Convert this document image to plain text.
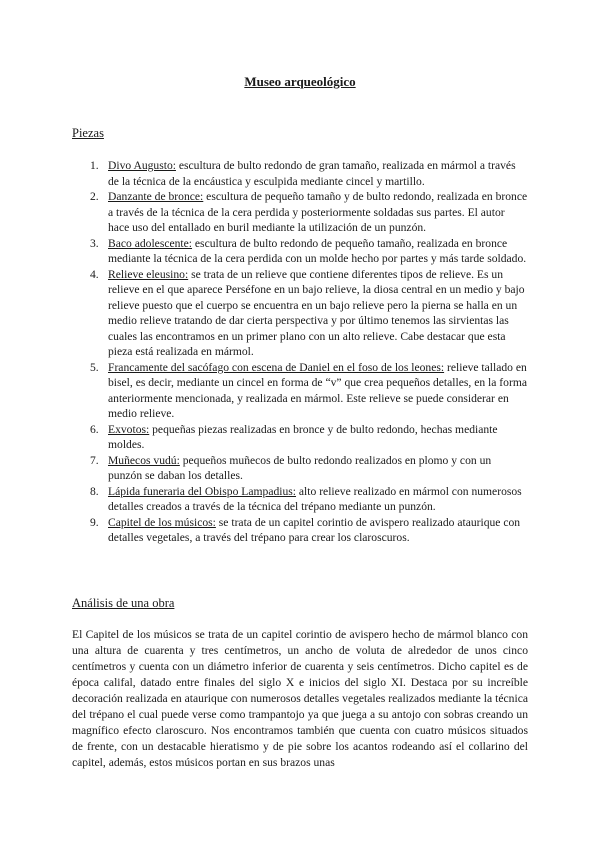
Museo arqueológico
Piezas
1. Divo Augusto: escultura de bulto redondo de gran tamaño, realizada en mármol a través de la técnica de la encáustica y esculpida mediante cincel y martillo.
2. Danzante de bronce: escultura de pequeño tamaño y de bulto redondo, realizada en bronce a través de la técnica de la cera perdida y posteriormente soldadas sus partes. El autor hace uso del entallado en buril mediante la utilización de un punzón.
3. Baco adolescente: escultura de bulto redondo de pequeño tamaño, realizada en bronce mediante la técnica de la cera perdida con un molde hecho por partes y más tarde soldado.
4. Relieve eleusino: se trata de un relieve que contiene diferentes tipos de relieve. Es un relieve en el que aparece Perséfone en un bajo relieve, la diosa central en un medio y bajo relieve puesto que el cuerpo se encuentra en un bajo relieve pero la pierna se halla en un medio relieve tratando de dar cierta perspectiva y por último tenemos las sirvientas las cuales las encontramos en un primer plano con un alto relieve. Cabe destacar que esta pieza está realizada en mármol.
5. Francamente del sacófago con escena de Daniel en el foso de los leones: relieve tallado en bisel, es decir, mediante un cincel en forma de “v” que crea pequeños detalles, en la forma anteriormente mencionada, y realizada en mármol. Este relieve se puede considerar en medio relieve.
6. Exvotos: pequeñas piezas realizadas en bronce y de bulto redondo, hechas mediante moldes.
7. Muñecos vudú: pequeños muñecos de bulto redondo realizados en plomo y con un punzón se daban los detalles.
8. Lápida funeraria del Obispo Lampadius: alto relieve realizado en mármol con numerosos detalles creados a través de la técnica del trépano mediante un punzón.
9. Capitel de los músicos: se trata de un capitel corintio de avispero realizado ataurique con detalles vegetales, a través del trépano para crear los claroscuros.
Análisis de una obra

El Capitel de los músicos se trata de un capitel corintio de avispero hecho de mármol blanco con una altura de cuarenta y tres centímetros, un ancho de voluta de alrededor de unos cinco centímetros y cuenta con un diámetro inferior de cuarenta y seis centímetros. Dicho capitel es de época califal, datado entre finales del siglo X e inicios del siglo XI. Destaca por su increíble decoración realizada en ataurique con numerosos detalles vegetales realizados mediante la técnica del trépano el cual puede verse como trampantojo ya que juega a su antojo con sobras creando un magnífico efecto claroscuro. Nos encontramos también que cuenta con cuatro músicos situados de frente, con un destacable hieratismo y de pie sobre los acantos rodeando así el collarino del capitel, además, estos músicos portan en sus brazos unas
